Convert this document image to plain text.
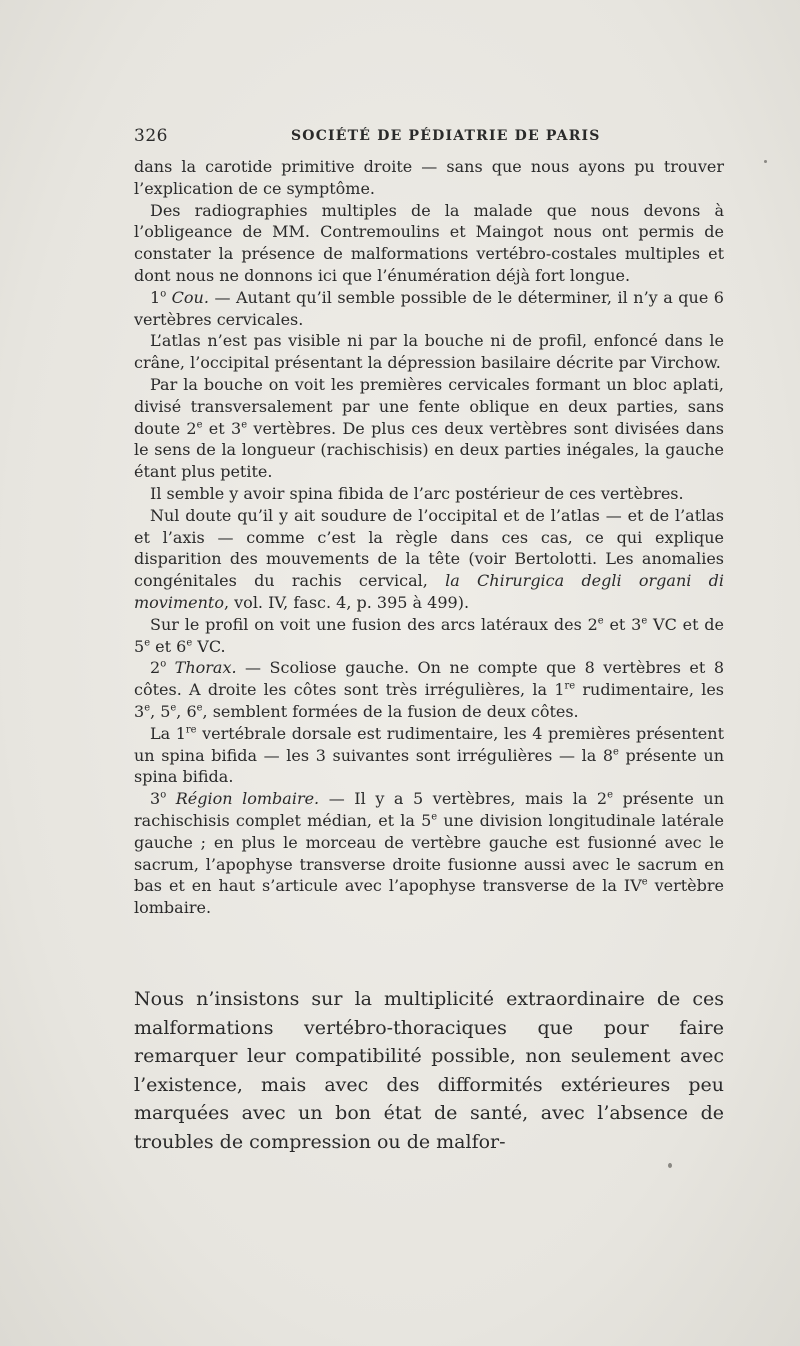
326	SOCIÉTÉ DE PÉDIATRIE DE PARIS

dans la carotide primitive droite — sans que nous ayons pu trouver l’explication de ce symptôme.

Des radiographies multiples de la malade que nous devons à l’obligeance de MM. Contremoulins et Maingot nous ont permis de constater la présence de malformations vertébro-costales multiples et dont nous ne donnons ici que l’énumération déjà fort longue.

1$^o$ Cou. — Autant qu’il semble possible de le déterminer, il n’y a que 6 vertèbres cervicales.

L’atlas n’est pas visible ni par la bouche ni de profil, enfoncé dans le crâne, l’occipital présentant la dépression basilaire décrite par Virchow.

Par la bouche on voit les premières cervicales formant un bloc aplati, divisé transversalement par une fente oblique en deux parties, sans doute 2e et 3e vertèbres. De plus ces deux vertèbres sont divisées dans le sens de la longueur (rachischisis) en deux parties inégales, la gauche étant plus petite.

Il semble y avoir spina fibida de l’arc postérieur de ces vertèbres.

Nul doute qu’il y ait soudure de l’occipital et de l’atlas — et de l’atlas et l’axis — comme c’est la règle dans ces cas, ce qui explique disparition des mouvements de la tête (voir Bertolotti. Les anomalies congénitales du rachis cervical, la Chirurgica degli organi di movimento, vol. IV, fasc. 4, p. 395 à 499).

Sur le profil on voit une fusion des arcs latéraux des 2e et 3e VC et de 5e et 6e VC.

2$^o$ Thorax. — Scoliose gauche. On ne compte que 8 vertèbres et 8 côtes. A droite les côtes sont très irrégulières, la 1re rudimentaire, les 3e, 5e, 6e, semblent formées de la fusion de deux côtes.

La 1re vertébrale dorsale est rudimentaire, les 4 premières présentent un spina bifida — les 3 suivantes sont irrégulières — la 8e présente un spina bifida.

3$^o$ Région lombaire. — Il y a 5 vertèbres, mais la 2e présente un rachischisis complet médian, et la 5e une division longitudinale latérale gauche ; en plus le morceau de vertèbre gauche est fusionné avec le sacrum, l’apophyse transverse droite fusionne aussi avec le sacrum en bas et en haut s’articule avec l’apophyse transverse de la IVe vertèbre lombaire.

Nous n’insistons sur la multiplicité extraordinaire de ces malformations vertébro-thoraciques que pour faire remarquer leur compatibilité possible, non seulement avec l’existence, mais avec des difformités extérieures peu marquées avec un bon état de santé, avec l’absence de troubles de compression ou de malfor-
